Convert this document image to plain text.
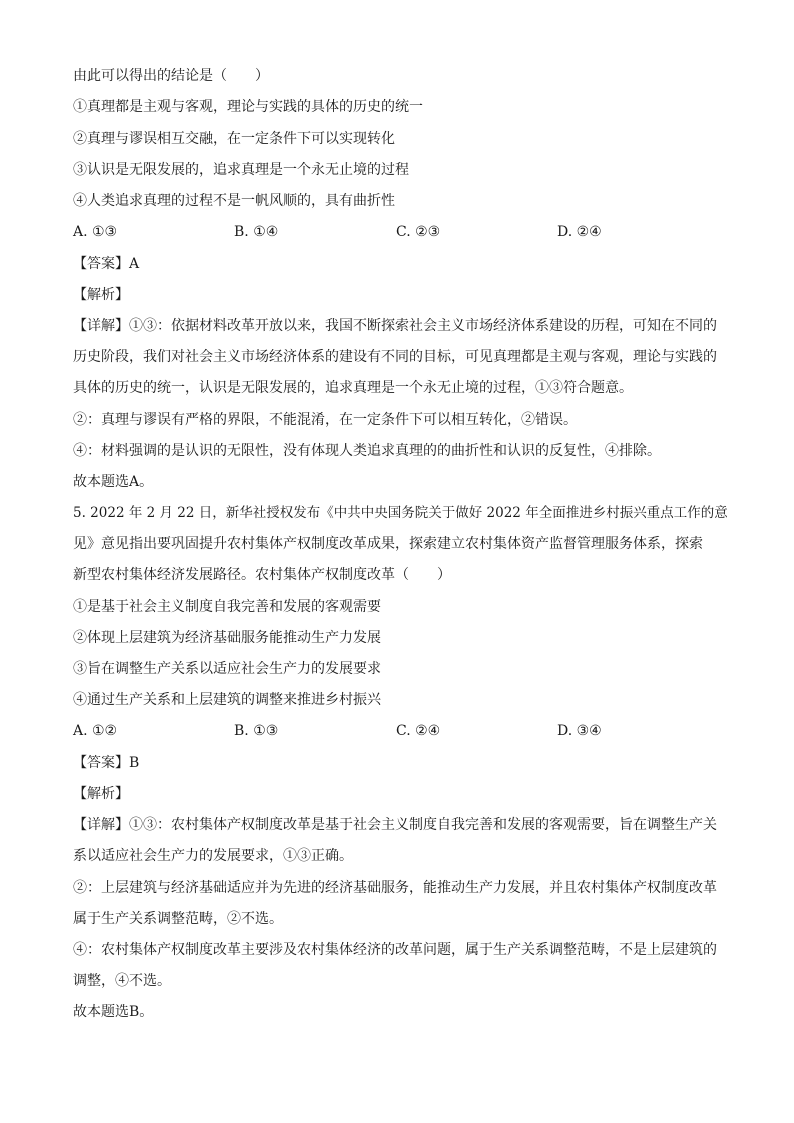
由此可以得出的结论是（　　）
①真理都是主观与客观，理论与实践的具体的历史的统一
②真理与谬误相互交融，在一定条件下可以实现转化
③认识是无限发展的，追求真理是一个永无止境的过程
④人类追求真理的过程不是一帆风顺的，具有曲折性
A. ①③	B. ①④	C. ②③	D. ②④
【答案】A
【解析】
【详解】①③：依据材料改革开放以来，我国不断探索社会主义市场经济体系建设的历程，可知在不同的
历史阶段，我们对社会主义市场经济体系的建设有不同的目标，可见真理都是主观与客观，理论与实践的
具体的历史的统一，认识是无限发展的，追求真理是一个永无止境的过程，①③符合题意。
②：真理与谬误有严格的界限，不能混淆，在一定条件下可以相互转化，②错误。
④：材料强调的是认识的无限性，没有体现人类追求真理的的曲折性和认识的反复性，④排除。
故本题选A。
5. 2022 年 2 月 22 日，新华社授权发布《中共中央国务院关于做好 2022 年全面推进乡村振兴重点工作的意
见》意见指出要巩固提升农村集体产权制度改革成果，探索建立农村集体资产监督管理服务体系，探索
新型农村集体经济发展路径。农村集体产权制度改革（　　）
①是基于社会主义制度自我完善和发展的客观需要
②体现上层建筑为经济基础服务能推动生产力发展
③旨在调整生产关系以适应社会生产力的发展要求
④通过生产关系和上层建筑的调整来推进乡村振兴
A. ①②	B. ①③	C. ②④	D. ③④
【答案】B
【解析】
【详解】①③：农村集体产权制度改革是基于社会主义制度自我完善和发展的客观需要，旨在调整生产关
系以适应社会生产力的发展要求，①③正确。
②：上层建筑与经济基础适应并为先进的经济基础服务，能推动生产力发展，并且农村集体产权制度改革
属于生产关系调整范畴，②不选。
④：农村集体产权制度改革主要涉及农村集体经济的改革问题，属于生产关系调整范畴，不是上层建筑的
调整，④不选。
故本题选B。
